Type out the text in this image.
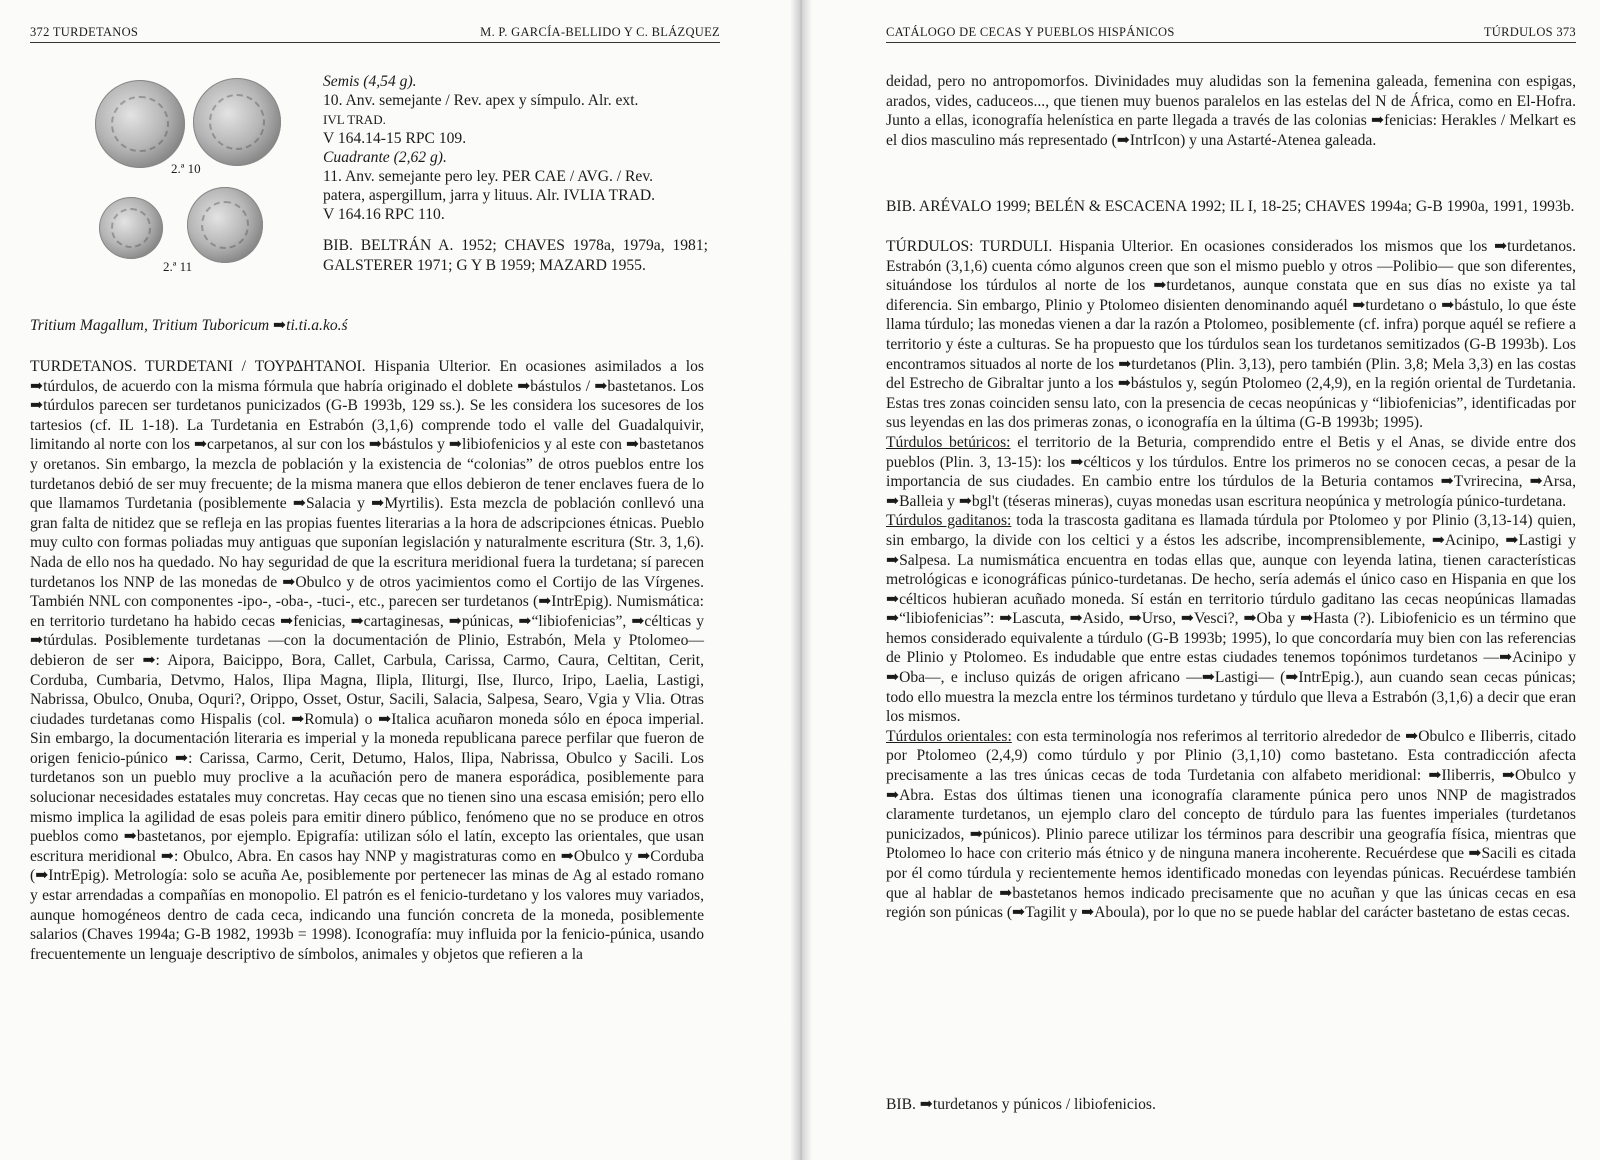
372 TURDETANOS	M. P. GARCÍA-BELLIDO Y C. BLÁZQUEZ
2.ª 10
2.ª 11
Semis (4,54 g).
10. Anv. semejante / Rev. apex y símpulo. Alr. ext.
IVL TRAD.
V 164.14-15 RPC 109.
Cuadrante (2,62 g).
11. Anv. semejante pero ley. PER CAE / AVG. / Rev.
patera, aspergillum, jarra y lituus. Alr. IVLIA TRAD.
V 164.16 RPC 110.
BIB. BELTRÁN A. 1952; CHAVES 1978a, 1979a, 1981; GALSTERER 1971; G Y B 1959; MAZARD 1955.
Tritium Magallum, Tritium Tuboricum ➡ti.ti.a.ko.ś
TURDETANOS. TURDETANI / ΤΟΥΡΔΗΤΑΝΟΙ. Hispania Ulterior. En ocasiones asimilados a los ➡túrdulos, de acuerdo con la misma fórmula que habría originado el doblete ➡bástulos / ➡bastetanos. Los ➡túrdulos parecen ser turdetanos punicizados (G-B 1993b, 129 ss.). Se les considera los sucesores de los tartesios (cf. IL 1-18). La Turdetania en Estrabón (3,1,6) comprende todo el valle del Guadalquivir, limitando al norte con los ➡carpetanos, al sur con los ➡bástulos y ➡libiofenicios y al este con ➡bastetanos y oretanos. Sin embargo, la mezcla de población y la existencia de “colonias” de otros pueblos entre los turdetanos debió de ser muy frecuente; de la misma manera que ellos debieron de tener enclaves fuera de lo que llamamos Turdetania (posiblemente ➡Salacia y ➡Myrtilis). Esta mezcla de población conllevó una gran falta de nitidez que se refleja en las propias fuentes literarias a la hora de adscripciones étnicas. Pueblo muy culto con formas poliadas muy antiguas que suponían legislación y naturalmente escritura (Str. 3, 1,6). Nada de ello nos ha quedado. No hay seguridad de que la escritura meridional fuera la turdetana; sí parecen turdetanos los NNP de las monedas de ➡Obulco y de otros yacimientos como el Cortijo de las Vírgenes. También NNL con componentes -ipo-, -oba-, -tuci-, etc., parecen ser turdetanos (➡IntrEpig). Numismática: en territorio turdetano ha habido cecas ➡fenicias, ➡cartaginesas, ➡púnicas, ➡“libiofenicias”, ➡célticas y ➡túrdulas. Posiblemente turdetanas —con la documentación de Plinio, Estrabón, Mela y Ptolomeo— debieron de ser ➡: Aipora, Baicippo, Bora, Callet, Carbula, Carissa, Carmo, Caura, Celtitan, Cerit, Corduba, Cumbaria, Detvmo, Halos, Ilipa Magna, Ilipla, Iliturgi, Ilse, Ilurco, Iripo, Laelia, Lastigi, Nabrissa, Obulco, Onuba, Oquri?, Orippo, Osset, Ostur, Sacili, Salacia, Salpesa, Searo, Vgia y Vlia. Otras ciudades turdetanas como Hispalis (col. ➡Romula) o ➡Italica acuñaron moneda sólo en época imperial. Sin embargo, la documentación literaria es imperial y la moneda republicana parece perfilar que fueron de origen fenicio-púnico ➡: Carissa, Carmo, Cerit, Detumo, Halos, Ilipa, Nabrissa, Obulco y Sacili. Los turdetanos son un pueblo muy proclive a la acuñación pero de manera esporádica, posiblemente para solucionar necesidades estatales muy concretas. Hay cecas que no tienen sino una escasa emisión; pero ello mismo implica la agilidad de esas poleis para emitir dinero público, fenómeno que no se produce en otros pueblos como ➡bastetanos, por ejemplo. Epigrafía: utilizan sólo el latín, excepto las orientales, que usan escritura meridional ➡: Obulco, Abra. En casos hay NNP y magistraturas como en ➡Obulco y ➡Corduba (➡IntrEpig). Metrología: solo se acuña Ae, posiblemente por pertenecer las minas de Ag al estado romano y estar arrendadas a compañías en monopolio. El patrón es el fenicio-turdetano y los valores muy variados, aunque homogéneos dentro de cada ceca, indicando una función concreta de la moneda, posiblemente salarios (Chaves 1994a; G-B 1982, 1993b = 1998). Iconografía: muy influida por la fenicio-púnica, usando frecuentemente un lenguaje descriptivo de símbolos, animales y objetos que refieren a la
CATÁLOGO DE CECAS Y PUEBLOS HISPÁNICOS	TÚRDULOS 373
deidad, pero no antropomorfos. Divinidades muy aludidas son la femenina galeada, femenina con espigas, arados, vides, caduceos..., que tienen muy buenos paralelos en las estelas del N de África, como en El-Hofra. Junto a ellas, iconografía helenística en parte llegada a través de las colonias ➡fenicias: Herakles / Melkart es el dios masculino más representado (➡IntrIcon) y una Astarté-Atenea galeada.
BIB. ARÉVALO 1999; BELÉN & ESCACENA 1992; IL I, 18-25; CHAVES 1994a; G-B 1990a, 1991, 1993b.

TÚRDULOS: TURDULI. Hispania Ulterior. En ocasiones considerados los mismos que los ➡turdetanos. Estrabón (3,1,6) cuenta cómo algunos creen que son el mismo pueblo y otros —Polibio— que son diferentes, situándose los túrdulos al norte de los ➡turdetanos, aunque constata que en sus días no existe ya tal diferencia. Sin embargo, Plinio y Ptolomeo disienten denominando aquél ➡turdetano o ➡bástulo, lo que éste llama túrdulo; las monedas vienen a dar la razón a Ptolomeo, posiblemente (cf. infra) porque aquél se refiere a territorio y éste a culturas. Se ha propuesto que los túrdulos sean los turdetanos semitizados (G-B 1993b). Los encontramos situados al norte de los ➡turdetanos (Plin. 3,13), pero también (Plin. 3,8; Mela 3,3) en las costas del Estrecho de Gibraltar junto a los ➡bástulos y, según Ptolomeo (2,4,9), en la región oriental de Turdetania. Estas tres zonas coinciden sensu lato, con la presencia de cecas neopúnicas y “libiofenicias”, identificadas por sus leyendas en las dos primeras zonas, o iconografía en la última (G-B 1993b; 1995).

Túrdulos betúricos: el territorio de la Beturia, comprendido entre el Betis y el Anas, se divide entre dos pueblos (Plin. 3, 13-15): los ➡célticos y los túrdulos. Entre los primeros no se conocen cecas, a pesar de la importancia de sus ciudades. En cambio entre los túrdulos de la Beturia contamos ➡Tvrirecina, ➡Arsa, ➡Balleia y ➡bgl't (téseras mineras), cuyas monedas usan escritura neopúnica y metrología púnico-turdetana.

Túrdulos gaditanos: toda la trascosta gaditana es llamada túrdula por Ptolomeo y por Plinio (3,13-14) quien, sin embargo, la divide con los celtici y a éstos les adscribe, incomprensiblemente, ➡Acinipo, ➡Lastigi y ➡Salpesa. La numismática encuentra en todas ellas que, aunque con leyenda latina, tienen características metrológicas e iconográficas púnico-turdetanas. De hecho, sería además el único caso en Hispania en que los ➡célticos hubieran acuñado moneda. Sí están en territorio túrdulo gaditano las cecas neopúnicas llamadas ➡“libiofenicias”: ➡Lascuta, ➡Asido, ➡Urso, ➡Vesci?, ➡Oba y ➡Hasta (?). Libiofenicio es un término que hemos considerado equivalente a túrdulo (G-B 1993b; 1995), lo que concordaría muy bien con las referencias de Plinio y Ptolomeo. Es indudable que entre estas ciudades tenemos topónimos turdetanos —➡Acinipo y ➡Oba—, e incluso quizás de origen africano —➡Lastigi— (➡IntrEpig.), aun cuando sean cecas púnicas; todo ello muestra la mezcla entre los términos turdetano y túrdulo que lleva a Estrabón (3,1,6) a decir que eran los mismos.

Túrdulos orientales: con esta terminología nos referimos al territorio alrededor de ➡Obulco e Iliberris, citado por Ptolomeo (2,4,9) como túrdulo y por Plinio (3,1,10) como bastetano. Esta contradicción afecta precisamente a las tres únicas cecas de toda Turdetania con alfabeto meridional: ➡Iliberris, ➡Obulco y ➡Abra. Estas dos últimas tienen una iconografía claramente púnica pero unos NNP de magistrados claramente turdetanos, un ejemplo claro del concepto de túrdulo para las fuentes imperiales (turdetanos punicizados, ➡púnicos). Plinio parece utilizar los términos para describir una geografía física, mientras que Ptolomeo lo hace con criterio más étnico y de ninguna manera incoherente. Recuérdese que ➡Sacili es citada por él como túrdula y recientemente hemos identificado monedas con leyendas púnicas. Recuérdese también que al hablar de ➡bastetanos hemos indicado precisamente que no acuñan y que las únicas cecas en esa región son púnicas (➡Tagilit y ➡Aboula), por lo que no se puede hablar del carácter bastetano de estas cecas.

BIB. ➡turdetanos y púnicos / libiofenicios.
